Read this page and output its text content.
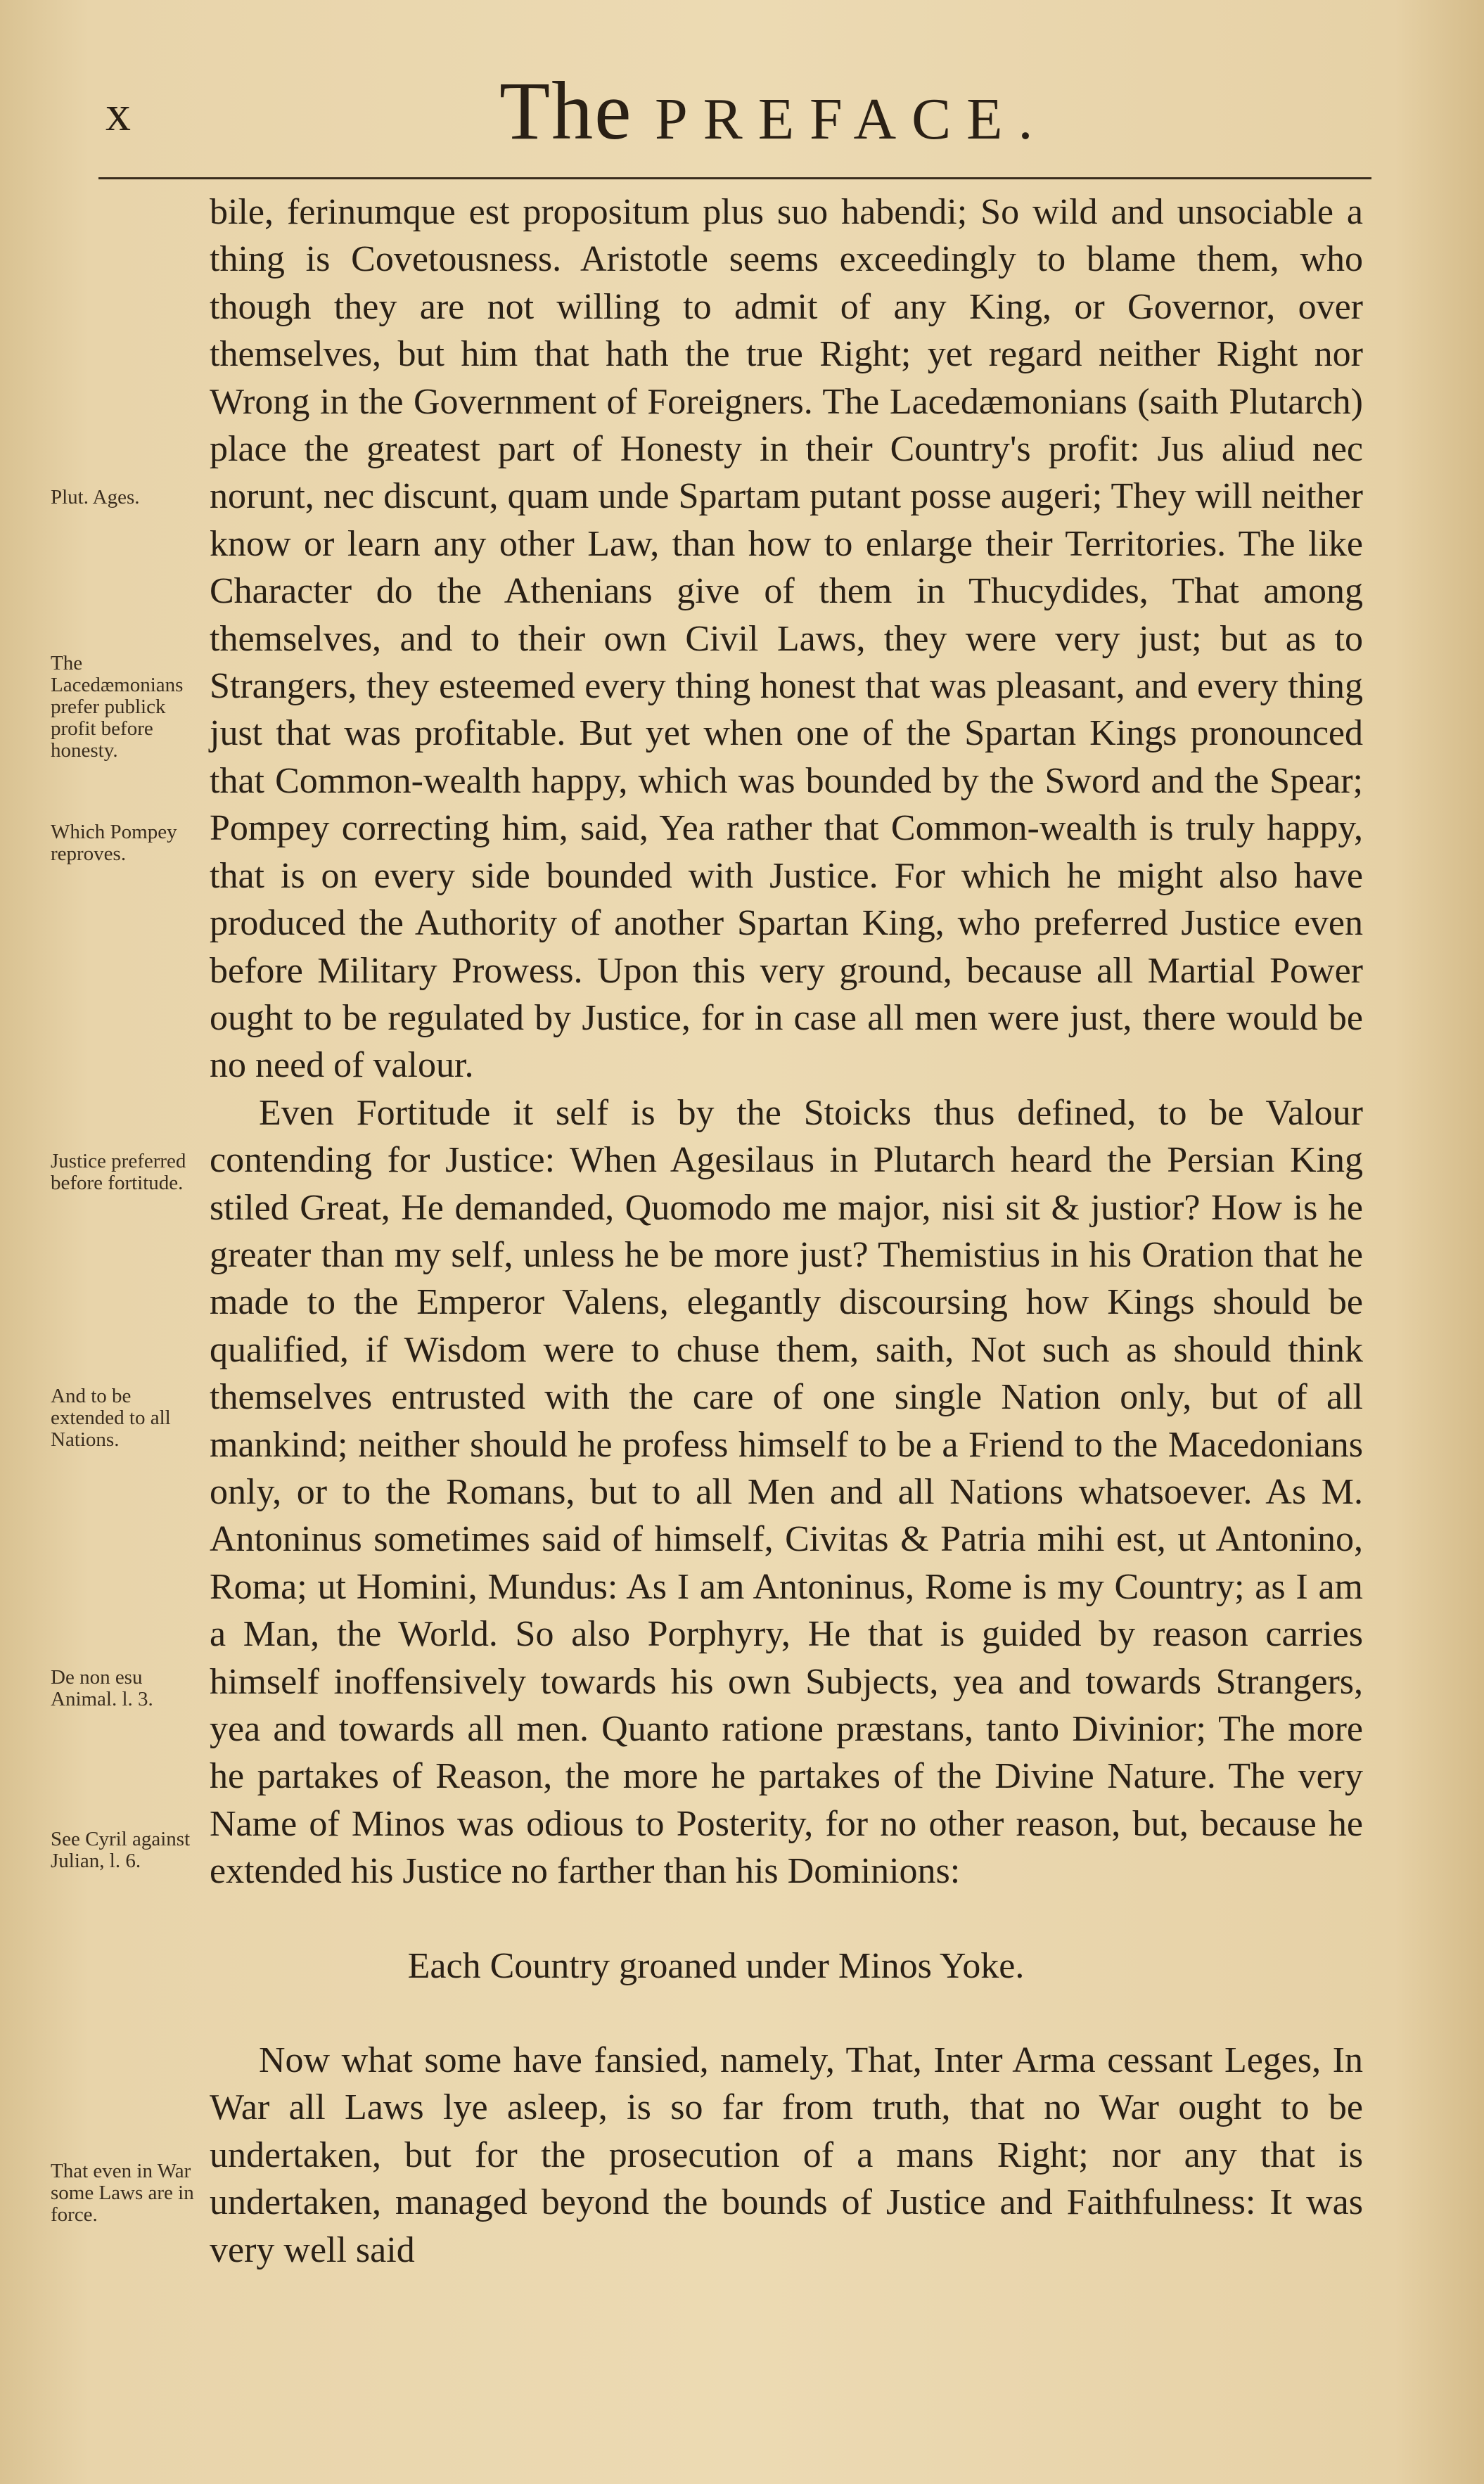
x	The PREFACE.

bile, ferinumque est propositum plus suo habendi; So wild and unsociable a thing is Covetousness. Aristotle seems exceedingly to blame them, who though they are not willing to admit of any King, or Governor, over themselves, but him that hath the true Right; yet regard neither Right nor Wrong in the Government of Foreigners. The Lacedæmonians (saith Plutarch) place the greatest part of Honesty in their Country's profit: Jus aliud nec norunt, nec discunt, quam unde Spartam putant posse augeri; They will neither know or learn any other Law, than how to enlarge their Territories. The like Character do the Athenians give of them in Thucydides, That among themselves, and to their own Civil Laws, they were very just; but as to Strangers, they esteemed every thing honest that was pleasant, and every thing just that was profitable. But yet when one of the Spartan Kings pronounced that Common-wealth happy, which was bounded by the Sword and the Spear; Pompey correcting him, said, Yea rather that Common-wealth is truly happy, that is on every side bounded with Justice. For which he might also have produced the Authority of another Spartan King, who preferred Justice even before Military Prowess. Upon this very ground, because all Martial Power ought to be regulated by Justice, for in case all men were just, there would be no need of valour.

Even Fortitude it self is by the Stoicks thus defined, to be Valour contending for Justice: When Agesilaus in Plutarch heard the Persian King stiled Great, He demanded, Quomodo me major, nisi sit & justior? How is he greater than my self, unless he be more just? Themistius in his Oration that he made to the Emperor Valens, elegantly discoursing how Kings should be qualified, if Wisdom were to chuse them, saith, Not such as should think themselves entrusted with the care of one single Nation only, but of all mankind; neither should he profess himself to be a Friend to the Macedonians only, or to the Romans, but to all Men and all Nations whatsoever. As M. Antoninus sometimes said of himself, Civitas & Patria mihi est, ut Antonino, Roma; ut Homini, Mundus: As I am Antoninus, Rome is my Country; as I am a Man, the World. So also Porphyry, He that is guided by reason carries himself inoffensively towards his own Subjects, yea and towards Strangers, yea and towards all men. Quanto ratione præstans, tanto Divinior; The more he partakes of Reason, the more he partakes of the Divine Nature. The very Name of Minos was odious to Posterity, for no other reason, but, because he extended his Justice no farther than his Dominions:

Each Country groaned under Minos Yoke.

Now what some have fansied, namely, That, Inter Arma cessant Leges, In War all Laws lye asleep, is so far from truth, that no War ought to be undertaken, but for the prosecution of a mans Right; nor any that is undertaken, managed beyond the bounds of Justice and Faithfulness: It was very well said

Plut. Ages.
The Lacedæmonians prefer publick profit before honesty.
Which Pompey reproves.
Justice preferred before fortitude.
And to be extended to all Nations.
De non esu Animal. l. 3.
See Cyril against Julian, l. 6.
That even in War some Laws are in force.
